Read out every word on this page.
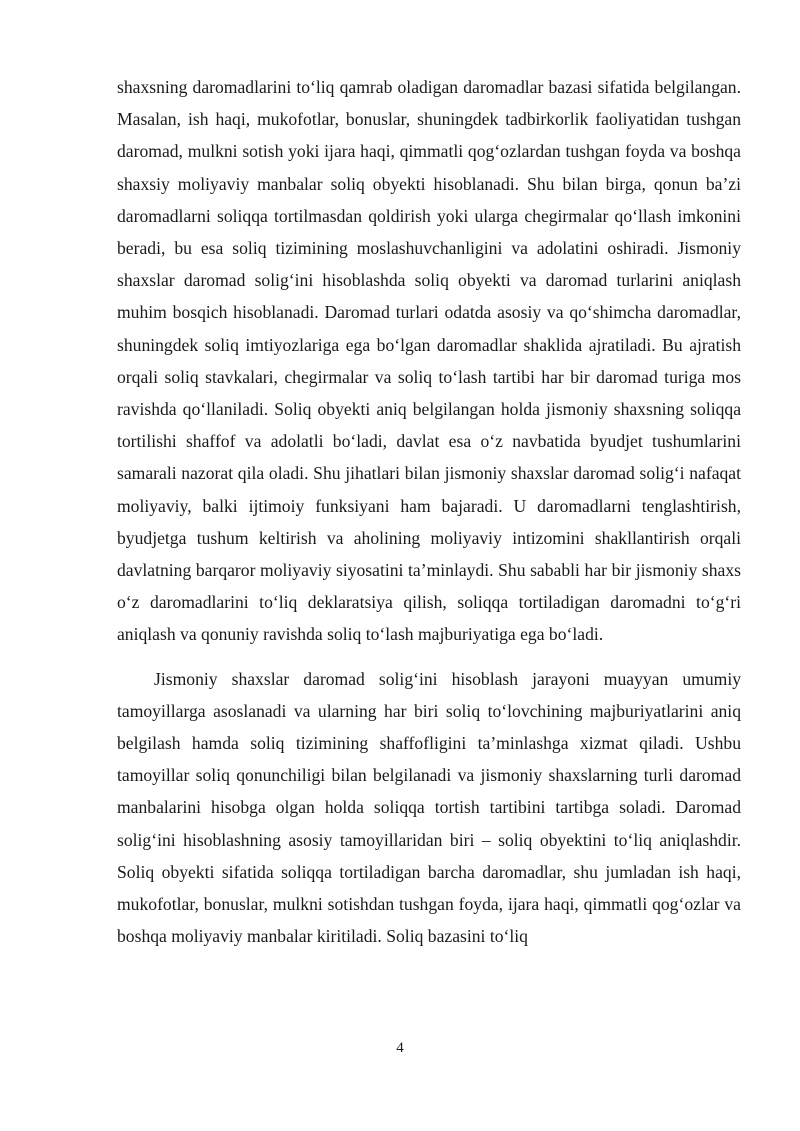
shaxsning daromadlarini to‘liq qamrab oladigan daromadlar bazasi sifatida belgilangan. Masalan, ish haqi, mukofotlar, bonuslar, shuningdek tadbirkorlik faoliyatidan tushgan daromad, mulkni sotish yoki ijara haqi, qimmatli qog‘ozlardan tushgan foyda va boshqa shaxsiy moliyaviy manbalar soliq obyekti hisoblanadi. Shu bilan birga, qonun ba’zi daromadlarni soliqqa tortilmasdan qoldirish yoki ularga chegirmalar qo‘llash imkonini beradi, bu esa soliq tizimining moslashuvchanligini va adolatini oshiradi. Jismoniy shaxslar daromad solig‘ini hisoblashda soliq obyekti va daromad turlarini aniqlash muhim bosqich hisoblanadi. Daromad turlari odatda asosiy va qo‘shimcha daromadlar, shuningdek soliq imtiyozlariga ega bo‘lgan daromadlar shaklida ajratiladi. Bu ajratish orqali soliq stavkalari, chegirmalar va soliq to‘lash tartibi har bir daromad turiga mos ravishda qo‘llaniladi. Soliq obyekti aniq belgilangan holda jismoniy shaxsning soliqqa tortilishi shaffof va adolatli bo‘ladi, davlat esa o‘z navbatida byudjet tushumlarini samarali nazorat qila oladi. Shu jihatlari bilan jismoniy shaxslar daromad solig‘i nafaqat moliyaviy, balki ijtimoiy funksiyani ham bajaradi. U daromadlarni tenglashtirish, byudjetga tushum keltirish va aholining moliyaviy intizomini shakllantirish orqali davlatning barqaror moliyaviy siyosatini ta’minlaydi. Shu sababli har bir jismoniy shaxs o‘z daromadlarini to‘liq deklaratsiya qilish, soliqqa tortiladigan daromadni to‘g‘ri aniqlash va qonuniy ravishda soliq to‘lash majburiyatiga ega bo‘ladi.

Jismoniy shaxslar daromad solig‘ini hisoblash jarayoni muayyan umumiy tamoyillarga asoslanadi va ularning har biri soliq to‘lovchining majburiyatlarini aniq belgilash hamda soliq tizimining shaffofligini ta’minlashga xizmat qiladi. Ushbu tamoyillar soliq qonunchiligi bilan belgilanadi va jismoniy shaxslarning turli daromad manbalarini hisobga olgan holda soliqqa tortish tartibini tartibga soladi. Daromad solig‘ini hisoblashning asosiy tamoyillaridan biri – soliq obyektini to‘liq aniqlashdir. Soliq obyekti sifatida soliqqa tortiladigan barcha daromadlar, shu jumladan ish haqi, mukofotlar, bonuslar, mulkni sotishdan tushgan foyda, ijara haqi, qimmatli qog‘ozlar va boshqa moliyaviy manbalar kiritiladi. Soliq bazasini to‘liq

4
